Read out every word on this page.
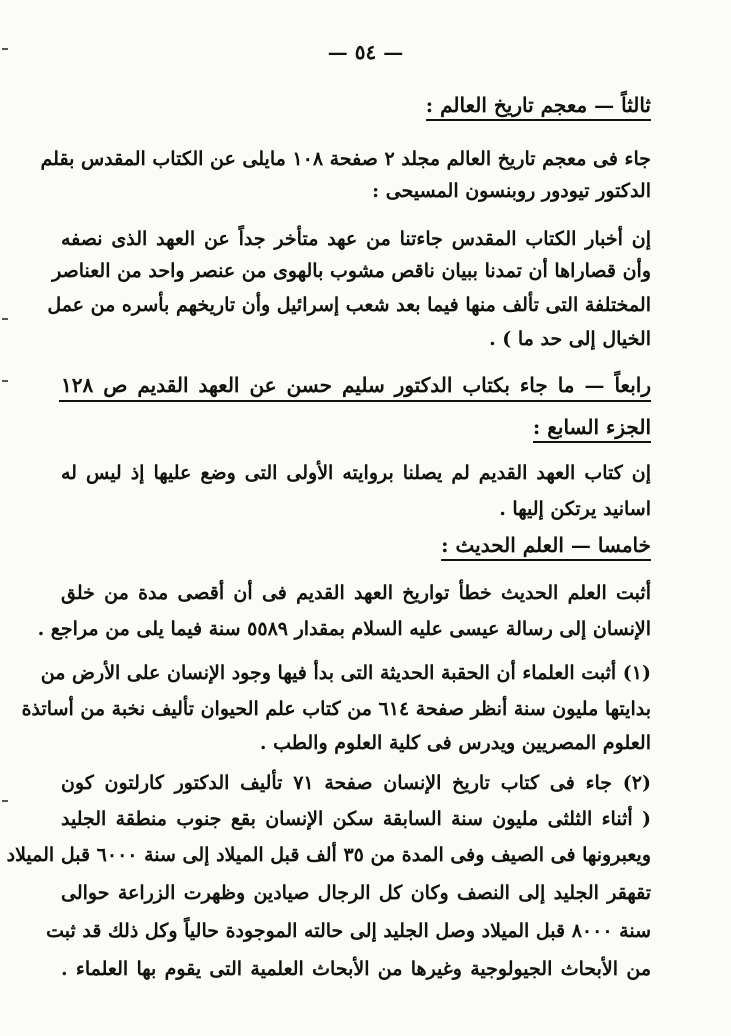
— ٥٤ —
ثالثاً — معجم تاريخ العالم :
جاء فى معجم تاريخ العالم مجلد ٢ صفحة ١٠٨ مايلى عن الكتاب المقدس بقلم
الدكتور تيودور روبنسون المسيحى :
إن أخبار الكتاب المقدس جاءتنا من عهد متأخر جداً عن العهد الذى نصفه
وأن قصاراها أن تمدنا ببيان ناقص مشوب بالهوى من عنصر واحد من العناصر
المختلفة التى تألف منها فيما بعد شعب إسرائيل وأن تاريخهم بأسره من عمل
الخيال إلى حد ما ) .
رابعاً — ما جاء بكتاب الدكتور سليم حسن عن العهد القديم ص ١٢٨
الجزء السابع :
إن كتاب العهد القديم لم يصلنا بروايته الأولى التى وضع عليها إذ ليس له
اسانيد يرتكن إليها .
خامسا — العلم الحديث :
أثبت العلم الحديث خطأ تواريخ العهد القديم فى أن أقصى مدة من خلق
الإنسان إلى رسالة عيسى عليه السلام بمقدار ٥٥٨٩ سنة فيما يلى من مراجع .
(١) أثبت العلماء أن الحقبة الحديثة التى بدأ فيها وجود الإنسان على الأرض من
بدايتها مليون سنة أنظر صفحة ٦١٤ من كتاب علم الحيوان تأليف نخبة من أساتذة
العلوم المصريين ويدرس فى كلية العلوم والطب .
(٢) جاء فى كتاب تاريخ الإنسان صفحة ٧١ تأليف الدكتور كارلتون كون
( أثناء الثلثى مليون سنة السابقة سكن الإنسان بقع جنوب منطقة الجليد
ويعبرونها فى الصيف وفى المدة من ٣٥ ألف قبل الميلاد إلى سنة ٦٠٠٠ قبل الميلاد
تقهقر الجليد إلى النصف وكان كل الرجال صيادين وظهرت الزراعة حوالى
سنة ٨٠٠٠ قبل الميلاد وصل الجليد إلى حالته الموجودة حالياً وكل ذلك قد ثبت
من الأبحاث الجيولوجية وغيرها من الأبحاث العلمية التى يقوم بها العلماء .
